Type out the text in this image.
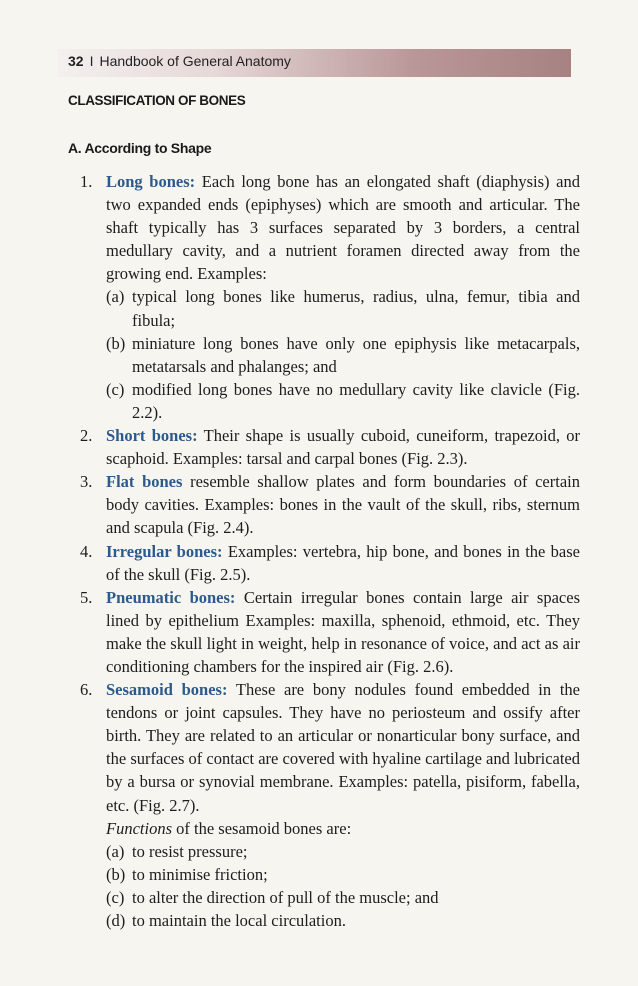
32 I Handbook of General Anatomy
CLASSIFICATION OF BONES
A. According to Shape
1. Long bones: Each long bone has an elongated shaft (diaphysis) and two expanded ends (epiphyses) which are smooth and articular. The shaft typically has 3 surfaces separated by 3 borders, a central medullary cavity, and a nutrient foramen directed away from the growing end. Examples:
(a) typical long bones like humerus, radius, ulna, femur, tibia and fibula;
(b) miniature long bones have only one epiphysis like metacarpals, metatarsals and phalanges; and
(c) modified long bones have no medullary cavity like clavicle (Fig. 2.2).
2. Short bones: Their shape is usually cuboid, cuneiform, trapezoid, or scaphoid. Examples: tarsal and carpal bones (Fig. 2.3).
3. Flat bones resemble shallow plates and form boundaries of certain body cavities. Examples: bones in the vault of the skull, ribs, sternum and scapula (Fig. 2.4).
4. Irregular bones: Examples: vertebra, hip bone, and bones in the base of the skull (Fig. 2.5).
5. Pneumatic bones: Certain irregular bones contain large air spaces lined by epithelium Examples: maxilla, sphenoid, ethmoid, etc. They make the skull light in weight, help in resonance of voice, and act as air conditioning chambers for the inspired air (Fig. 2.6).
6. Sesamoid bones: These are bony nodules found embedded in the tendons or joint capsules. They have no periosteum and ossify after birth. They are related to an articular or nonarticular bony surface, and the surfaces of contact are covered with hyaline cartilage and lubricated by a bursa or synovial membrane. Examples: patella, pisiform, fabella, etc. (Fig. 2.7).
Functions of the sesamoid bones are:
(a) to resist pressure;
(b) to minimise friction;
(c) to alter the direction of pull of the muscle; and
(d) to maintain the local circulation.
